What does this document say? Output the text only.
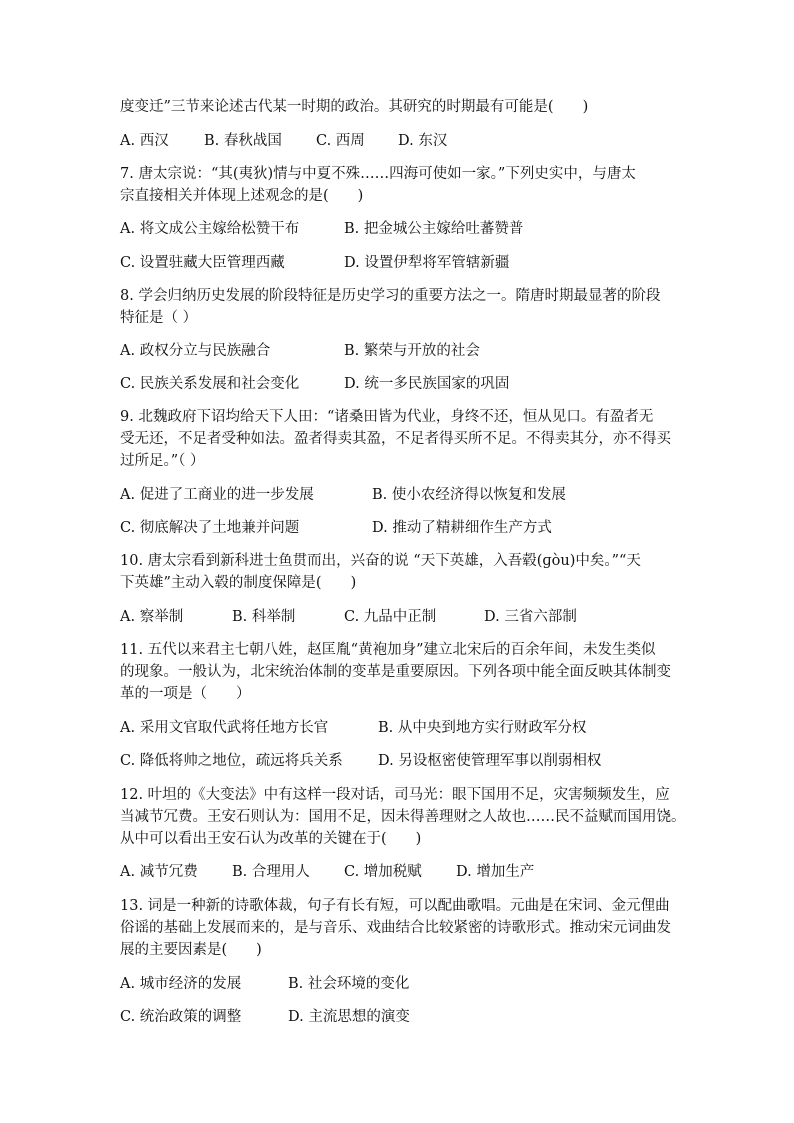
度变迁”三节来论述古代某一时期的政治。其研究的时期最有可能是(　　)
A. 西汉 B. 春秋战国 C. 西周 D. 东汉
7. 唐太宗说：“其(夷狄)情与中夏不殊……四海可使如一家。”下列史实中，与唐太
宗直接相关并体现上述观念的是(　　)
A. 将文成公主嫁给松赞干布	B. 把金城公主嫁给吐蕃赞普
C. 设置驻藏大臣管理西藏	D. 设置伊犁将军管辖新疆
8. 学会归纳历史发展的阶段特征是历史学习的重要方法之一。隋唐时期最显著的阶段
特征是（ ）
A. 政权分立与民族融合	B. 繁荣与开放的社会
C. 民族关系发展和社会变化	D. 统一多民族国家的巩固
9. 北魏政府下诏均给天下人田：“诸桑田皆为代业，身终不还，恒从见口。有盈者无
受无还，不足者受种如法。盈者得卖其盈，不足者得买所不足。不得卖其分，亦不得买
过所足。”（ ）
A. 促进了工商业的进一步发展	B. 使小农经济得以恢复和发展
C. 彻底解决了土地兼并问题	D. 推动了精耕细作生产方式
10. 唐太宗看到新科进士鱼贯而出，兴奋的说 “天下英雄，入吾毂(ɡòu)中矣。”“天
下英雄”主动入毂的制度保障是(　　)
A. 察举制	B. 科举制	C. 九品中正制	D. 三省六部制
11. 五代以来君主七朝八姓，赵匡胤“黄袍加身”建立北宋后的百余年间，未发生类似
的现象。一般认为，北宋统治体制的变革是重要原因。下列各项中能全面反映其体制变
革的一项是（　　）
A. 采用文官取代武将任地方长官	B. 从中央到地方实行财政军分权
C. 降低将帅之地位，疏远将兵关系 D. 另设枢密使管理军事以削弱相权
12. 叶坦的《大变法》中有这样一段对话，司马光：眼下国用不足，灾害频频发生，应
当减节冗费。王安石则认为：国用不足，因未得善理财之人故也……民不益赋而国用饶。
从中可以看出王安石认为改革的关键在于(　　)
A. 减节冗费 B. 合理用人 C. 增加税赋 D. 增加生产
13. 词是一种新的诗歌体裁，句子有长有短，可以配曲歌唱。元曲是在宋词、金元俚曲
俗谣的基础上发展而来的，是与音乐、戏曲结合比较紧密的诗歌形式。推动宋元词曲发
展的主要因素是(　　)
A. 城市经济的发展	B. 社会环境的变化
C. 统治政策的调整	D. 主流思想的演变
